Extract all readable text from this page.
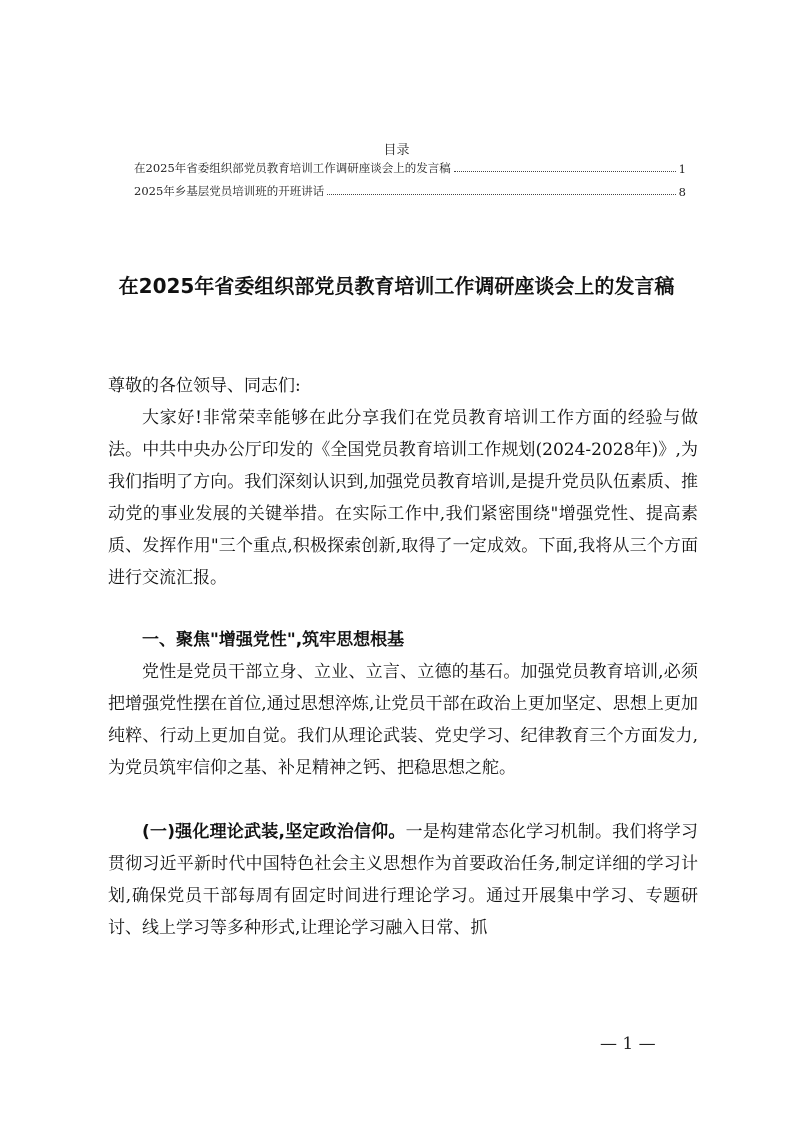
目录
在2025年省委组织部党员教育培训工作调研座谈会上的发言稿	1
2025年乡基层党员培训班的开班讲话	8
在2025年省委组织部党员教育培训工作调研座谈会上的发言稿
尊敬的各位领导、同志们:
大家好!非常荣幸能够在此分享我们在党员教育培训工作方面的经验与做法。中共中央办公厅印发的《全国党员教育培训工作规划(2024-2028年)》,为我们指明了方向。我们深刻认识到,加强党员教育培训,是提升党员队伍素质、推动党的事业发展的关键举措。在实际工作中,我们紧密围绕"增强党性、提高素质、发挥作用"三个重点,积极探索创新,取得了一定成效。下面,我将从三个方面进行交流汇报。
一、聚焦"增强党性",筑牢思想根基
党性是党员干部立身、立业、立言、立德的基石。加强党员教育培训,必须把增强党性摆在首位,通过思想淬炼,让党员干部在政治上更加坚定、思想上更加纯粹、行动上更加自觉。我们从理论武装、党史学习、纪律教育三个方面发力,为党员筑牢信仰之基、补足精神之钙、把稳思想之舵。
(一)强化理论武装,坚定政治信仰。一是构建常态化学习机制。我们将学习贯彻习近平新时代中国特色社会主义思想作为首要政治任务,制定详细的学习计划,确保党员干部每周有固定时间进行理论学习。通过开展集中学习、专题研讨、线上学习等多种形式,让理论学习融入日常、抓
— 1 —
